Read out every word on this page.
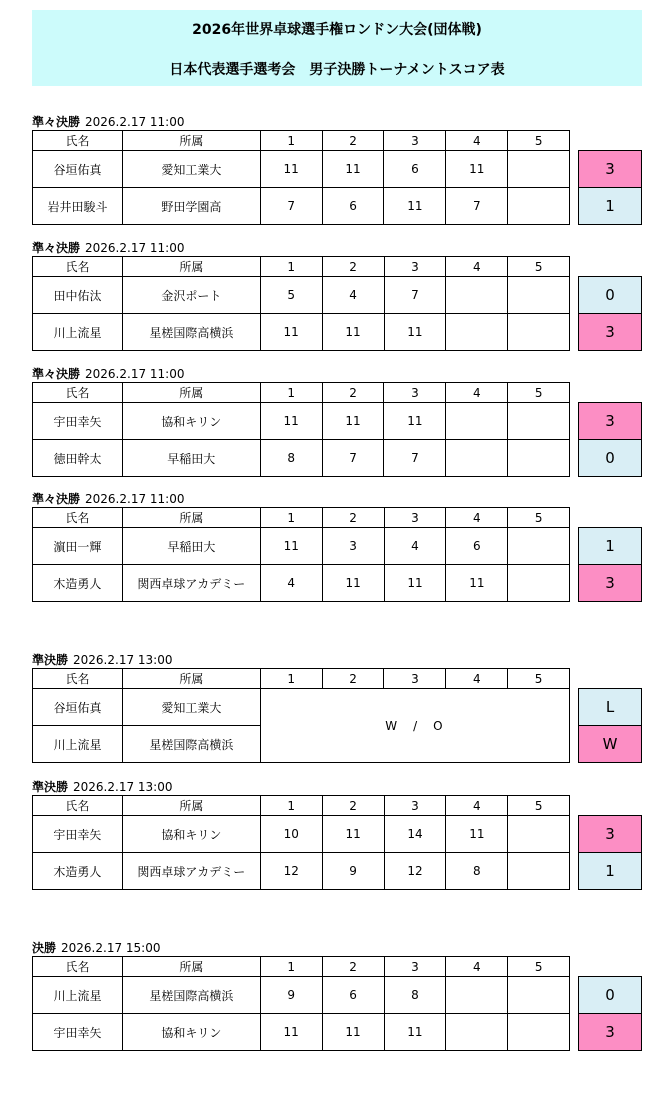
2026年世界卓球選手権ロンドン大会(団体戦)
日本代表選手選考会　男子決勝トーナメントスコア表
準々決勝 2026.2.17 11:00
氏名	所属	1	2	3	4	5		
谷垣佑真	愛知工業大	11	11	6	11			3
岩井田駿斗	野田学園高	7	6	11	7			1
準々決勝 2026.2.17 11:00
氏名	所属	1	2	3	4	5		
田中佑汰	金沢ポート	5	4	7				0
川上流星	星槎国際高横浜	11	11	11				3
準々決勝 2026.2.17 11:00
氏名	所属	1	2	3	4	5		
宇田幸矢	協和キリン	11	11	11				3
徳田幹太	早稲田大	8	7	7				0
準々決勝 2026.2.17 11:00
氏名	所属	1	2	3	4	5		
濵田一輝	早稲田大	11	3	4	6			1
木造勇人	関西卓球アカデミー	4	11	11	11			3
準決勝 2026.2.17 13:00
氏名	所属	1	2	3	4	5		
谷垣佑真	愛知工業大	W　/　O						L
川上流星	星槎国際高横浜							W
準決勝 2026.2.17 13:00
氏名	所属	1	2	3	4	5		
宇田幸矢	協和キリン	10	11	14	11			3
木造勇人	関西卓球アカデミー	12	9	12	8			1
決勝 2026.2.17 15:00
氏名	所属	1	2	3	4	5		
川上流星	星槎国際高横浜	9	6	8				0
宇田幸矢	協和キリン	11	11	11				3
